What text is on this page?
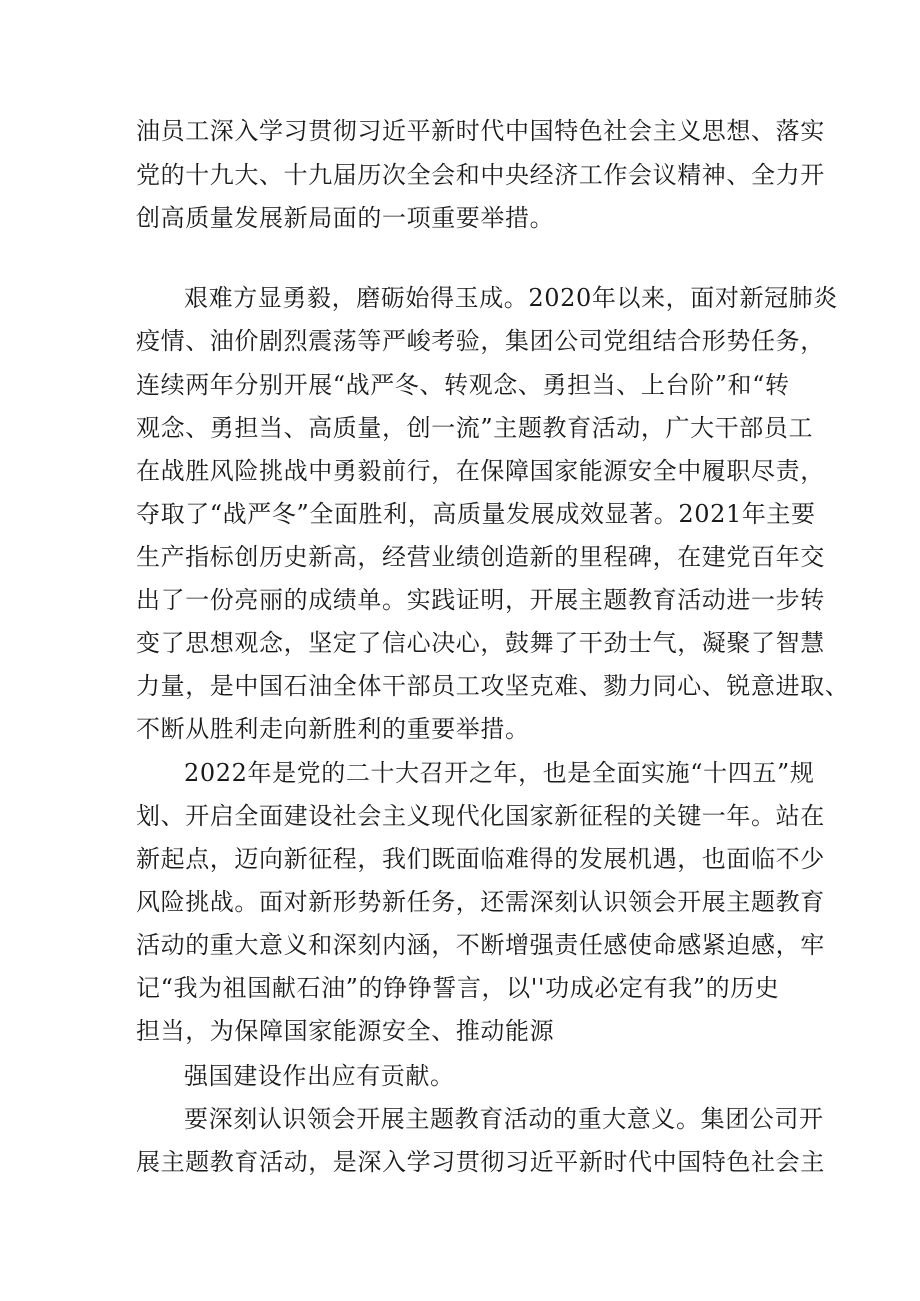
油员工深入学习贯彻习近平新时代中国特色社会主义思想、落实
党的十九大、十九届历次全会和中央经济工作会议精神、全力开
创高质量发展新局面的一项重要举措。
艰难方显勇毅，磨砺始得玉成。2020年以来，面对新冠肺炎
疫情、油价剧烈震荡等严峻考验，集团公司党组结合形势任务，
连续两年分别开展“战严冬、转观念、勇担当、上台阶”和“转
观念、勇担当、高质量，创一流”主题教育活动，广大干部员工
在战胜风险挑战中勇毅前行，在保障国家能源安全中履职尽责，
夺取了“战严冬”全面胜利，高质量发展成效显著。2021年主要
生产指标创历史新高，经营业绩创造新的里程碑，在建党百年交
出了一份亮丽的成绩单。实践证明，开展主题教育活动进一步转
变了思想观念，坚定了信心决心，鼓舞了干劲士气，凝聚了智慧
力量，是中国石油全体干部员工攻坚克难、勠力同心、锐意进取、
不断从胜利走向新胜利的重要举措。
2022年是党的二十大召开之年，也是全面实施“十四五”规
划、开启全面建设社会主义现代化国家新征程的关键一年。站在
新起点，迈向新征程，我们既面临难得的发展机遇，也面临不少
风险挑战。面对新形势新任务，还需深刻认识领会开展主题教育
活动的重大意义和深刻内涵，不断增强责任感使命感紧迫感，牢
记“我为祖国献石油”的铮铮誓言，以''功成必定有我”的历史
担当，为保障国家能源安全、推动能源
强国建设作出应有贡献。
要深刻认识领会开展主题教育活动的重大意义。集团公司开
展主题教育活动，是深入学习贯彻习近平新时代中国特色社会主
